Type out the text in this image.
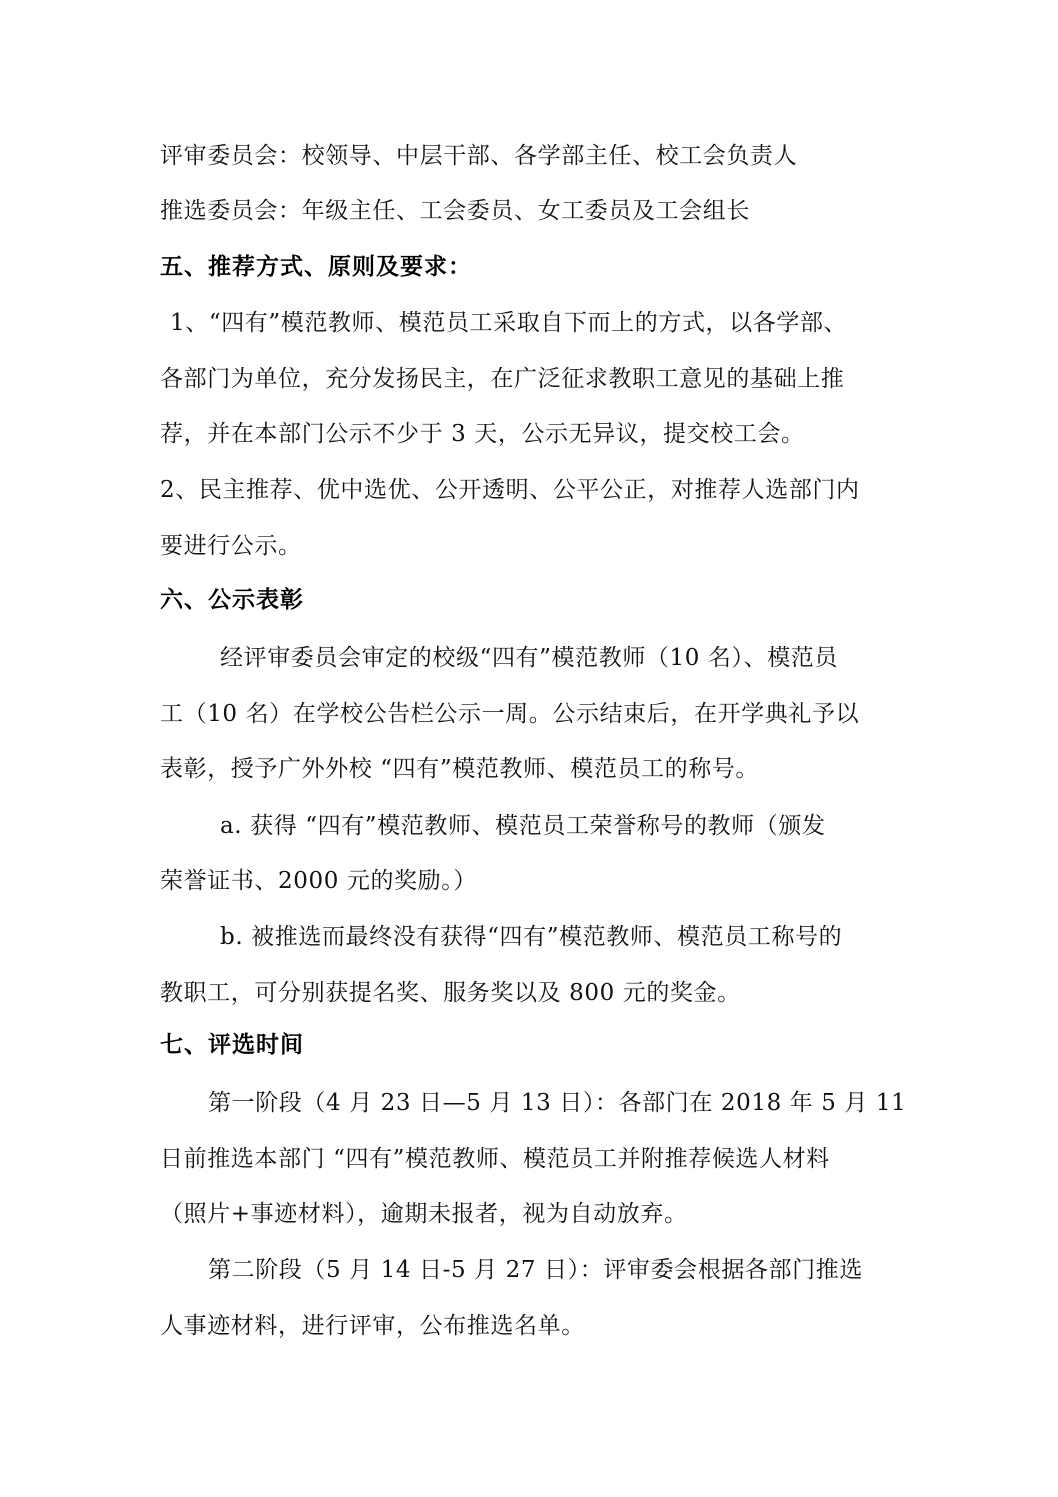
评审委员会：校领导、中层干部、各学部主任、校工会负责人
推选委员会：年级主任、工会委员、女工委员及工会组长
五、推荐方式、原则及要求：
1、“四有”模范教师、模范员工采取自下而上的方式，以各学部、
各部门为单位，充分发扬民主，在广泛征求教职工意见的基础上推
荐，并在本部门公示不少于 3 天，公示无异议，提交校工会。
2、民主推荐、优中选优、公开透明、公平公正，对推荐人选部门内
要进行公示。
六、公示表彰
经评审委员会审定的校级“四有”模范教师（10 名）、模范员
工（10 名）在学校公告栏公示一周。公示结束后，在开学典礼予以
表彰，授予广外外校 “四有”模范教师、模范员工的称号。
a. 获得 “四有”模范教师、模范员工荣誉称号的教师（颁发
荣誉证书、2000 元的奖励。）
b. 被推选而最终没有获得“四有”模范教师、模范员工称号的
教职工，可分别获提名奖、服务奖以及 800 元的奖金。
七、评选时间
第一阶段（4 月 23 日—5 月 13 日）：各部门在 2018 年 5 月 11
日前推选本部门 “四有”模范教师、模范员工并附推荐候选人材料
（照片+事迹材料），逾期未报者，视为自动放弃。
第二阶段（5 月 14 日-5 月 27 日）：评审委会根据各部门推选
人事迹材料，进行评审，公布推选名单。
